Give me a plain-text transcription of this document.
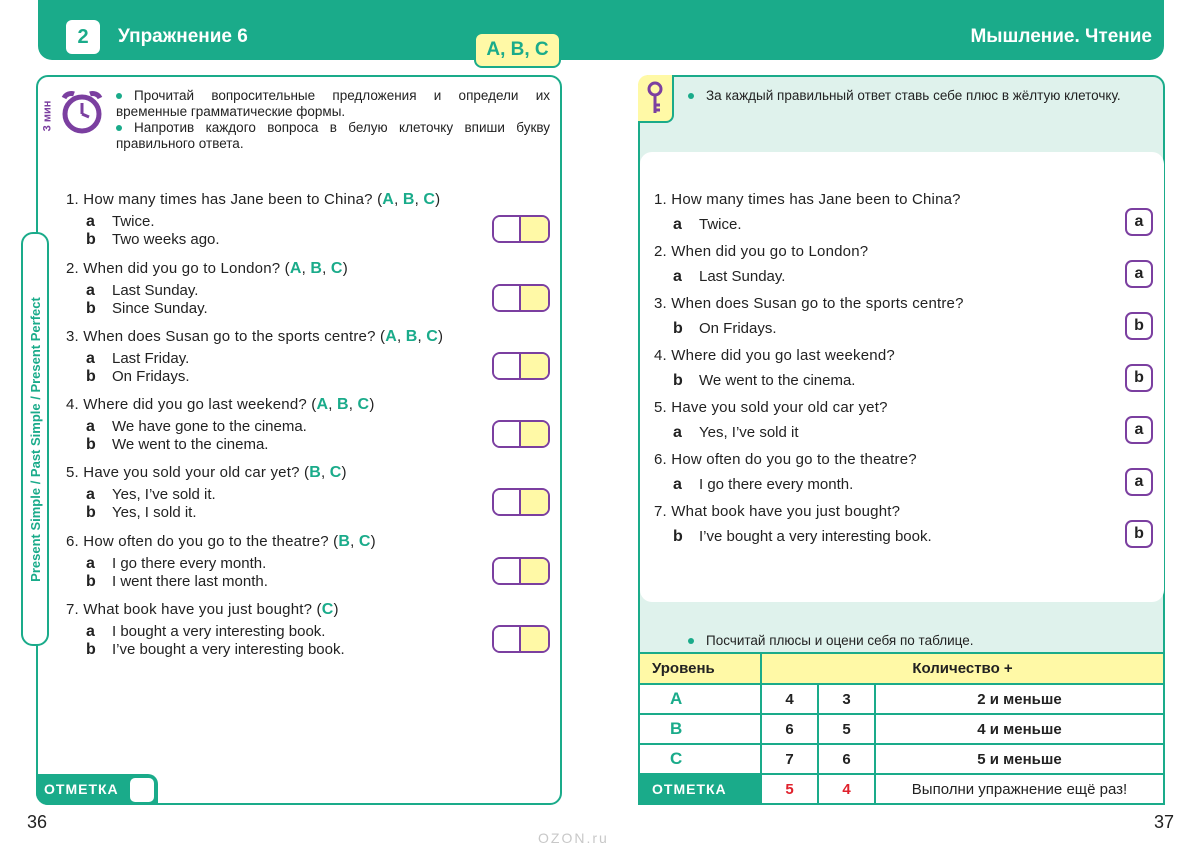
2	Упражнение 6	Мышление. Чтение
A, B, C
3 мин
Прочитай вопросительные предложения и определи их временные грамматические формы.
Напротив каждого вопроса в белую клеточку впиши букву правильного ответа.
Present Simple / Past Simple / Present Perfect
1. How many times has Jane been to China? (A, B, C)
a Twice.
b Two weeks ago.
2. When did you go to London? (A, B, C)
a Last Sunday.
b Since Sunday.
3. When does Susan go to the sports centre? (A, B, C)
a Last Friday.
b On Fridays.
4. Where did you go last weekend? (A, B, C)
a We have gone to the cinema.
b We went to the cinema.
5. Have you sold your old car yet? (B, C)
a Yes, I’ve sold it.
b Yes, I sold it.
6. How often do you go to the theatre? (B, C)
a I go there every month.
b I went there last month.
7. What book have you just bought? (C)
a I bought a very interesting book.
b I’ve bought a very interesting book.
1. How many times has Jane been to China?
a Twice.	a
2. When did you go to London?
a Last Sunday.	a
3. When does Susan go to the sports centre?
b On Fridays.	b
4. Where did you go last weekend?
b We went to the cinema.	b
5. Have you sold your old car yet?
a Yes, I’ve sold it	a
6. How often do you go to the theatre?
a I go there every month.	a
7. What book have you just bought?
b I’ve bought a very interesting book.	b
За каждый правильный ответ ставь себе плюс в жёлтую клеточку.
Посчитай плюсы и оцени себя по таблице.
ОТМЕТКА
Уровень	Количество +		
A	4	3	2 и меньше
B	6	5	4 и меньше
C	7	6	5 и меньше
ОТМЕТКА	5	4	Выполни упражнение ещё раз!
36	37
OZON.ru
